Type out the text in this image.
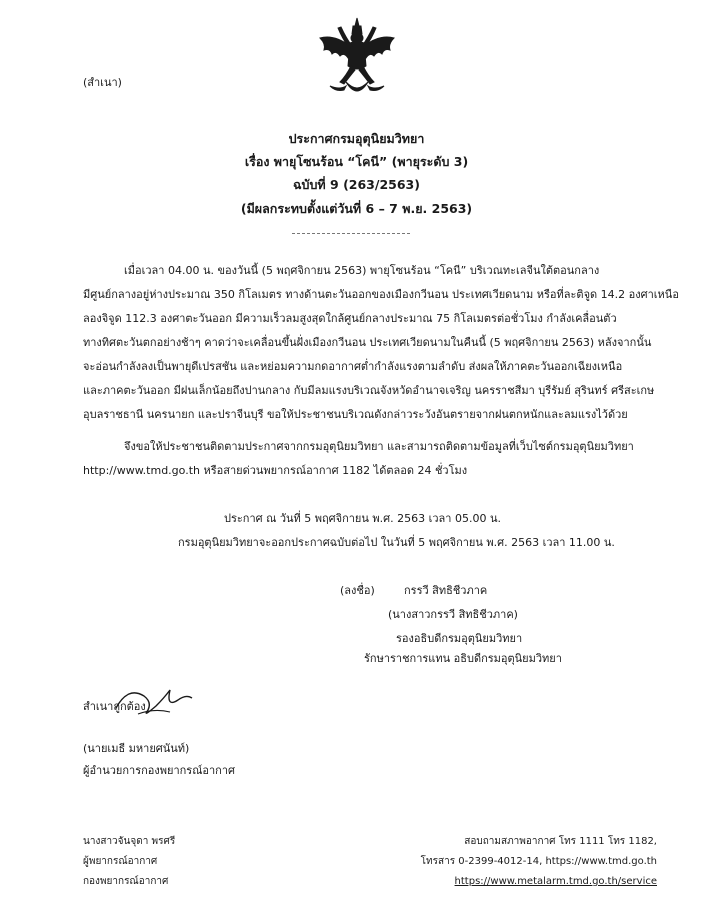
(สำเนา)
ประกาศกรมอุตุนิยมวิทยา
เรื่อง พายุโซนร้อน “โคนี” (พายุระดับ 3)
ฉบับที่ 9 (263/2563)
(มีผลกระทบตั้งแต่วันที่ 6 – 7 พ.ย. 2563)
เมื่อเวลา 04.00 น. ของวันนี้ (5 พฤศจิกายน 2563) พายุโซนร้อน “โคนี” บริเวณทะเลจีนใต้ตอนกลาง
มีศูนย์กลางอยู่ห่างประมาณ 350 กิโลเมตร ทางด้านตะวันออกของเมืองกวีนอน ประเทศเวียดนาม หรือที่ละติจูด 14.2 องศาเหนือ
ลองจิจูด 112.3 องศาตะวันออก มีความเร็วลมสูงสุดใกล้ศูนย์กลางประมาณ 75 กิโลเมตรต่อชั่วโมง กำลังเคลื่อนตัว
ทางทิศตะวันตกอย่างช้าๆ คาดว่าจะเคลื่อนขึ้นฝั่งเมืองกวีนอน ประเทศเวียดนามในคืนนี้ (5 พฤศจิกายน 2563) หลังจากนั้น
จะอ่อนกำลังลงเป็นพายุดีเปรสชัน และหย่อมความกดอากาศต่ำกำลังแรงตามลำดับ ส่งผลให้ภาคตะวันออกเฉียงเหนือ
และภาคตะวันออก มีฝนเล็กน้อยถึงปานกลาง กับมีลมแรงบริเวณจังหวัดอำนาจเจริญ นครราชสีมา บุรีรัมย์ สุรินทร์ ศรีสะเกษ
อุบลราชธานี นครนายก และปราจีนบุรี ขอให้ประชาชนบริเวณดังกล่าวระวังอันตรายจากฝนตกหนักและลมแรงไว้ด้วย
จึงขอให้ประชาชนติดตามประกาศจากกรมอุตุนิยมวิทยา และสามารถติดตามข้อมูลที่เว็บไซต์กรมอุตุนิยมวิทยา
http://www.tmd.go.th หรือสายด่วนพยากรณ์อากาศ 1182 ได้ตลอด 24 ชั่วโมง
ประกาศ ณ วันที่ 5 พฤศจิกายน พ.ศ. 2563 เวลา 05.00 น.
กรมอุตุนิยมวิทยาจะออกประกาศฉบับต่อไป ในวันที่ 5 พฤศจิกายน พ.ศ. 2563 เวลา 11.00 น.
(ลงชื่อ)	กรรวี สิทธิชีวภาค
(นางสาวกรรวี สิทธิชีวภาค)
รองอธิบดีกรมอุตุนิยมวิทยา
รักษาราชการแทน อธิบดีกรมอุตุนิยมวิทยา
สำเนาถูกต้อง
(นายเมธี มหายศนันท์)
ผู้อำนวยการกองพยากรณ์อากาศ
นางสาวจันจุดา พรศรี
ผู้พยากรณ์อากาศ
กองพยากรณ์อากาศ
สอบถามสภาพอากาศ โทร 1111 โทร 1182,
โทรสาร 0-2399-4012-14, https://www.tmd.go.th
https://www.metalarm.tmd.go.th/service
